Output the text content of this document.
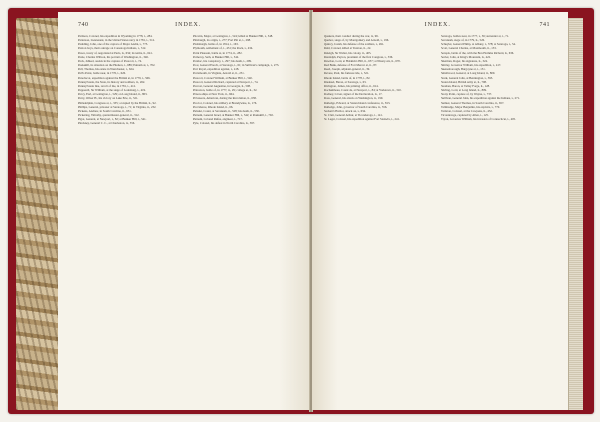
740	INDEX.

Pattison, Colonel, his expedition in Wyoming in 1778, i., 284.

Patterson, Lieutenant, in the United States navy in 1781, i., 512.

Paulding, John, one of the captors of Major André, i., 773.

Paxton boys, their outrage on Conestoga Indians, i., 312.

Peace, treaty of, negotiated at Paris, ii., 634; its terms, ii., 641.

Peale, Charles Willson, his portrait of Washington, ii., 346.

Peck, Jahleel, assists in the capture of Prescott, i., 74.

Peekskill, its situation on the Hudson, i., 689; Putnam at, i., 702.

Pell, Thomas, his estate in Westchester, i., 624.

Pell's Point, battle near, in 1776, i., 626.

Penobscot, expedition against the British at, in 1779, i., 566.

Pennsylvania, the State, its history and soldiers, ii., 262.

Pennsylvania line, revolt of the, in 1781, i., 412.

Pepperell, Sir William, at the siege of Louisburg, i., 419.

Percy, Earl, at Lexington, i., 529; on Long Island, ii., 803.

Perry, Oliver H., his victory on Lake Erie, ii., 521.

Philadelphia, Congress at, i., 335; occupied by the British, ii., 92.

Phillips, General, prisoner at Saratoga, i., 71; in Virginia, ii., 232.

Pickens, Andrew, in South Carolina, ii., 651.

Pickering, Timothy, quartermaster-general, ii., 312.

Pigot, General, at Newport, i., 82; at Bunker Hill, i., 541.

Pinckney, General C. C., at Charleston, ii., 556.

Pitcairn, Major, at Lexington, i., 524; killed at Bunker Hill, i., 548.

Pittsburgh, its origin, i., 277; Fort Pitt at, i., 298.

Plattsburgh, battle of, in 1814, i., 163.

Plymouth, settlement of, i., 431; the Rock, i., 434.

Point Pleasant, battle at, in 1774, ii., 282.

Pomeroy, Seth, at Bunker Hill, i., 542.

Pontiac, his conspiracy, i., 297; his death, i., 299.

Poor, General Enoch, at Saratoga, i., 61; in Sullivan's campaign, i., 273.

Port Royal, expedition against, i., 418.

Portsmouth, in Virginia, Arnold at, ii., 231.

Prescott, Colonel William, at Bunker Hill, i., 540.

Prescott, General Richard, captured at Newport, i., 74.

Prevost, General Augustine, in Georgia, ii., 508.

Princeton, battle of, in 1777, ii., 29; college at, ii., 32.

Prison-ships at New York, ii., 664.

Privateers, American, during the Revolution, ii., 638.

Proctor, Colonel, his artillery at Brandywine, ii., 176.

Providence, Rhode Island, ii., 66.

Pulaski, Count, at Savannah, ii., 528; his death, ii., 530.

Putnam, General Israel, at Bunker Hill, i., 542; at Peekskill, i., 702.

Putnam, Colonel Rufus, engineer, i., 717.

Pyle, Colonel, his defeat in North Carolina, ii., 397.

INDEX.	741

Quakers, their conduct during the war, ii., 96.

Quebec, siege of, by Montgomery and Arnold, i., 196.

Quincy, Josiah, his defense of the soldiers, i., 491.

Rahl, Colonel, killed at Trenton, ii., 22.

Raleigh, Sir Walter, his colony, ii., 405.

Randolph, Peyton, president of the first Congress, i., 336.

Rawdon, Lord, at Hobkirk's Hill, ii., 657; at Ninety-six, ii., 670.

Red Bank, defense of Fort Mercer at, ii., 87.

Reed, Joseph, adjutant-general, ii., 39.

Revere, Paul, his famous ride, i., 521.

Rhode Island, battle of, in 1778, i., 82.

Riedesel, Baron, at Saratoga, i., 63.

Rivington, James, his printing office, ii., 614.

Rochambeau, Count de, at Newport, i., 84; at Yorktown, ii., 310.

Rodney, Cæsar, signer of the Declaration, ii., 17.

Ross, General, his attack on Washington, ii., 199.

Rutledge, Edward, at Staten Island conference, ii., 813.

Rutledge, John, governor of South Carolina, ii., 556.

Sackett's Harbor, attack on, i., 634.

St. Clair, General Arthur, at Ticonderoga, i., 141.

St. Leger, Colonel, his expedition against Fort Stanwix, i., 241.

Saratoga, battles near, in 1777, i., 56; surrender at, i., 71.

Savannah, siege of, in 1779, ii., 526.

Schuyler, General Philip, at Albany, i., 378; at Saratoga, i., 54.

Scott, General Charles, at Monmouth, ii., 153.

Serapis, battle of the, with the Bon Homme Richard, ii., 636.

Sevier, John, at King's Mountain, ii., 422.

Sherman, Roger, his signature, ii., 324.

Shirley, Governor William, his expedition, i., 417.

Skenesborough, Burgoyne at, i., 151.

Smallwood, General, at Long Island, ii., 809.

Stark, General John, at Bennington, i., 393.

Staten Island, British army at, ii., 798.

Steuben, Baron, at Valley Forge, ii., 128.

Stirling, Lord, at Long Island, ii., 809.

Stony Point, capture of, by Wayne, i., 737.

Sullivan, General John, his expedition against the Indians, i., 271.

Sumter, General Thomas, in South Carolina, ii., 657.

Tallmadge, Major Benjamin, his exploits, i., 770.

Tarleton, Colonel, at the Cowpens, ii., 432.

Ticonderoga, captured by Allen, i., 125.

Tryon, Governor William, his invasion of Connecticut, i., 405.
